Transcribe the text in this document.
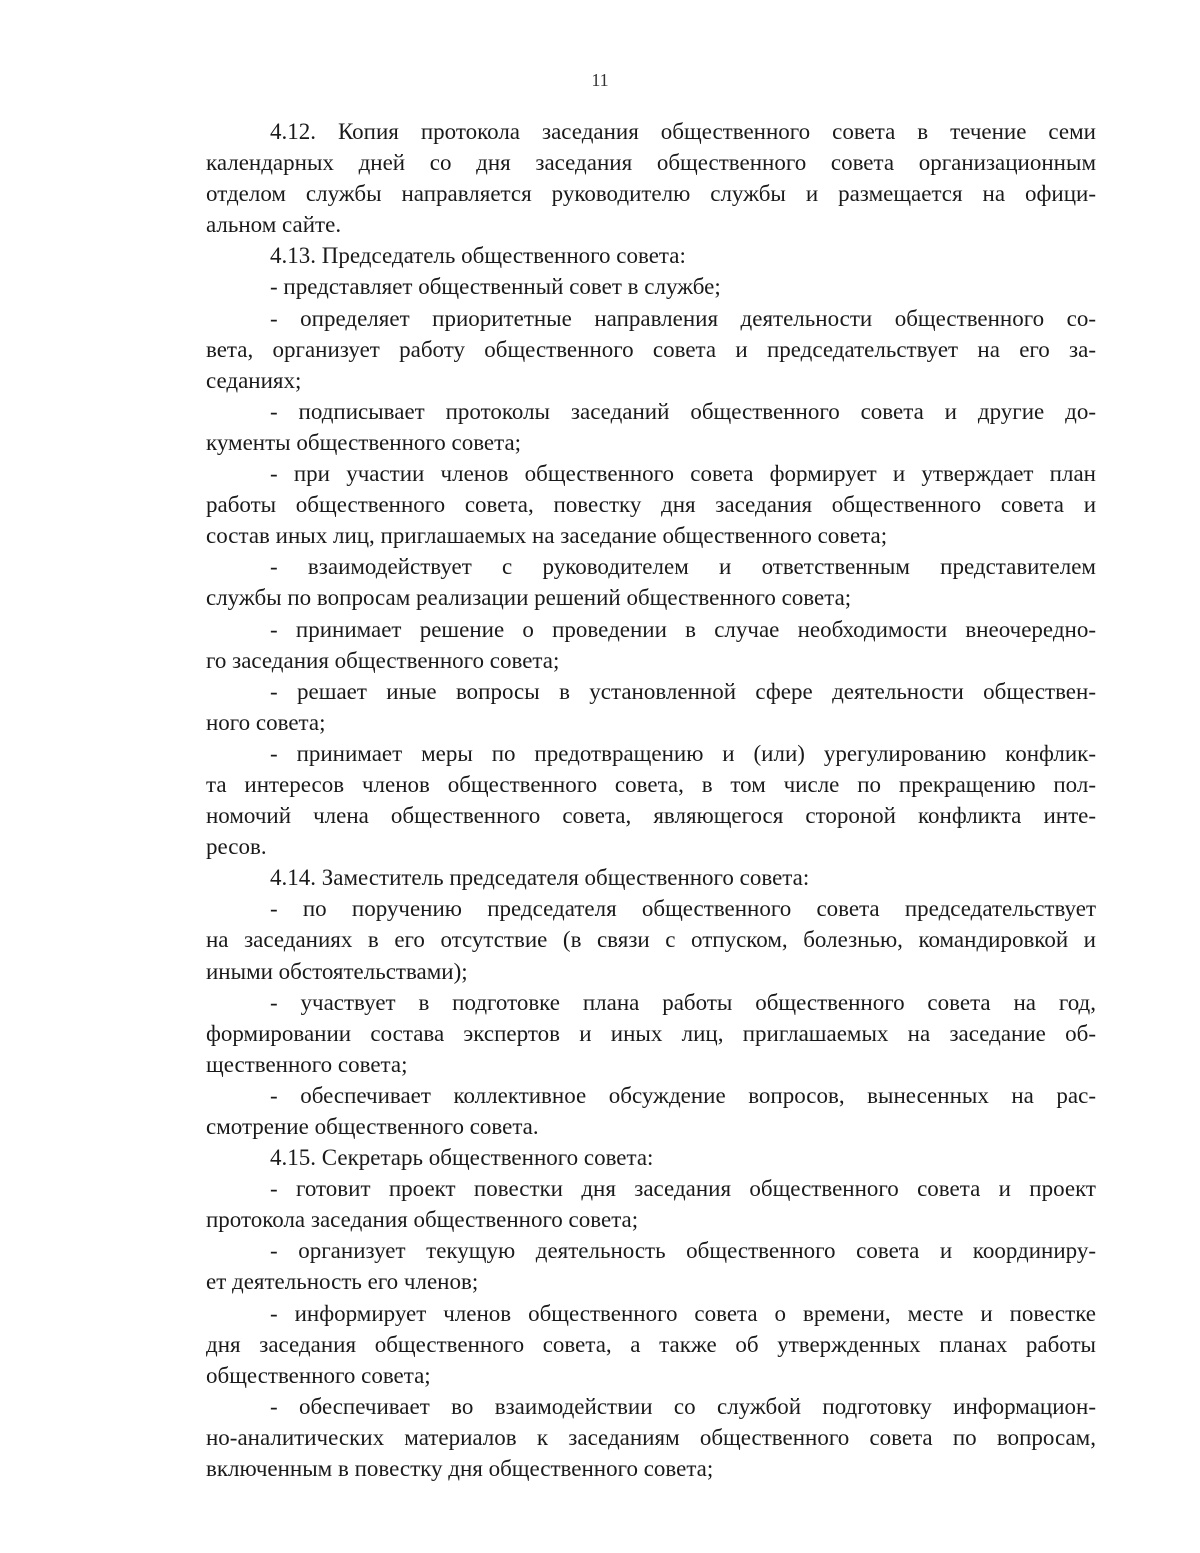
11
4.12. Копия протокола заседания общественного совета в течение семи
календарных дней со дня заседания общественного совета организационным
отделом службы направляется руководителю службы и размещается на офици-
альном сайте.
4.13. Председатель общественного совета:
- представляет общественный совет в службе;
- определяет приоритетные направления деятельности общественного со-
вета, организует работу общественного совета и председательствует на его за-
седаниях;
- подписывает протоколы заседаний общественного совета и другие до-
кументы общественного совета;
- при участии членов общественного совета формирует и утверждает план
работы общественного совета, повестку дня заседания общественного совета и
состав иных лиц, приглашаемых на заседание общественного совета;
- взаимодействует с руководителем и ответственным представителем
службы по вопросам реализации решений общественного совета;
- принимает решение о проведении в случае необходимости внеочередно-
го заседания общественного совета;
- решает иные вопросы в установленной сфере деятельности обществен-
ного совета;
- принимает меры по предотвращению и (или) урегулированию конфлик-
та интересов членов общественного совета, в том числе по прекращению пол-
номочий члена общественного совета, являющегося стороной конфликта инте-
ресов.
4.14. Заместитель председателя общественного совета:
- по поручению председателя общественного совета председательствует
на заседаниях в его отсутствие (в связи с отпуском, болезнью, командировкой и
иными обстоятельствами);
- участвует в подготовке плана работы общественного совета на год,
формировании состава экспертов и иных лиц, приглашаемых на заседание об-
щественного совета;
- обеспечивает коллективное обсуждение вопросов, вынесенных на рас-
смотрение общественного совета.
4.15. Секретарь общественного совета:
- готовит проект повестки дня заседания общественного совета и проект
протокола заседания общественного совета;
- организует текущую деятельность общественного совета и координиру-
ет деятельность его членов;
- информирует членов общественного совета о времени, месте и повестке
дня заседания общественного совета, а также об утвержденных планах работы
общественного совета;
- обеспечивает во взаимодействии со службой подготовку информацион-
но-аналитических материалов к заседаниям общественного совета по вопросам,
включенным в повестку дня общественного совета;
